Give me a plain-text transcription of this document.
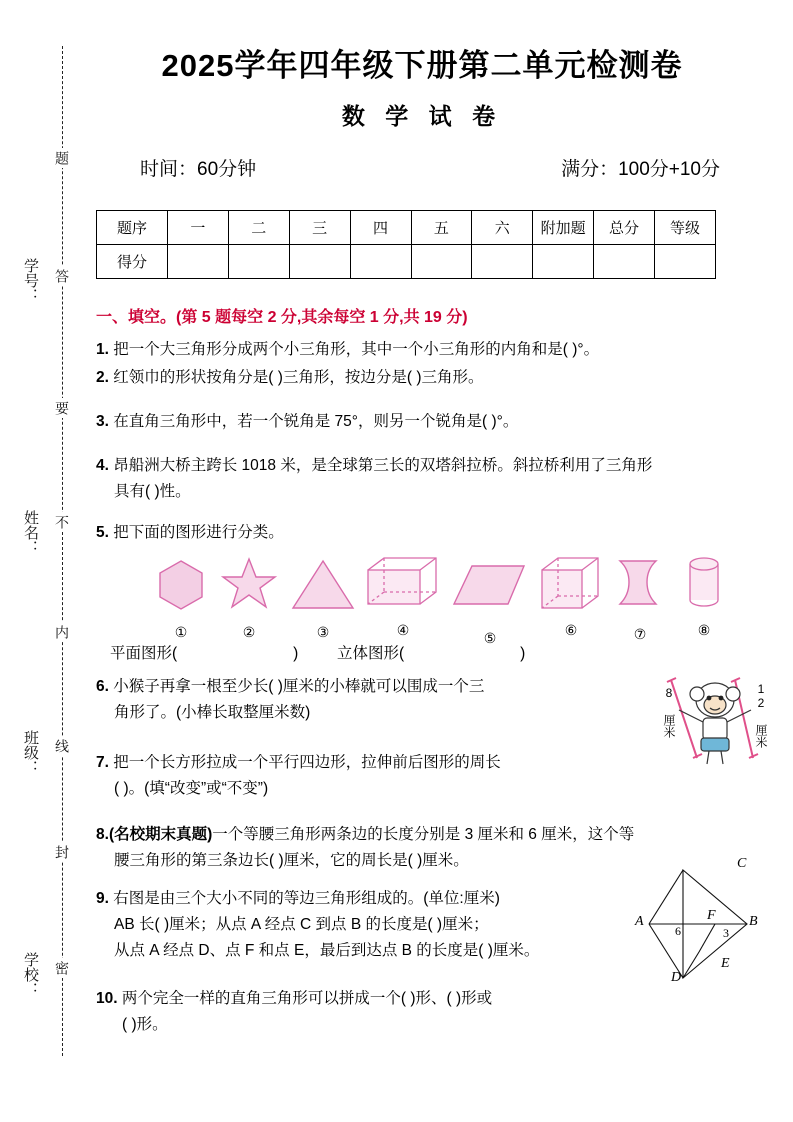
题
答
要
不
内
线
封
密
学号：
姓名：
班级：
学校：
2025学年四年级下册第二单元检测卷
数 学 试 卷
时间：60分钟	满分：100分+10分
题序	一	二	三	四	五	六	附加题	总分	等级
得分									
一、填空。(第 5 题每空 2 分,其余每空 1 分,共 19 分)
1. 把一个大三角形分成两个小三角形，其中一个小三角形的内角和是( )°。
2. 红领巾的形状按角分是( )三角形，按边分是( )三角形。
3. 在直角三角形中，若一个锐角是 75°，则另一个锐角是( )°。
4. 昂船洲大桥主跨长 1018 米，是全球第三长的双塔斜拉桥。斜拉桥利用了三角形
具有( )性。
5. 把下面的图形进行分类。
①	②	③	④	⑤	⑥	⑦	⑧
平面图形(	) 立体图形(	)
6. 小猴子再拿一根至少长( )厘米的小棒就可以围成一个三
角形了。(小棒长取整厘米数)	8 厘米	12 厘米
7. 把一个长方形拉成一个平行四边形，拉伸前后图形的周长
( )。(填“改变”或“不变”)
8.(名校期末真题)一个等腰三角形两条边的长度分别是 3 厘米和 6 厘米，这个等
腰三角形的第三条边长( )厘米，它的周长是( )厘米。
9. 右图是由三个大小不同的等边三角形组成的。(单位:厘米)
AB 长( )厘米；从点 A 经点 C 到点 B 的长度是( )厘米；
从点 A 经点 D、点 F 和点 E，最后到达点 B 的长度是( )厘米。
C
F
A	B
D
E
6	3
10. 两个完全一样的直角三角形可以拼成一个( )形、( )形或
( )形。
